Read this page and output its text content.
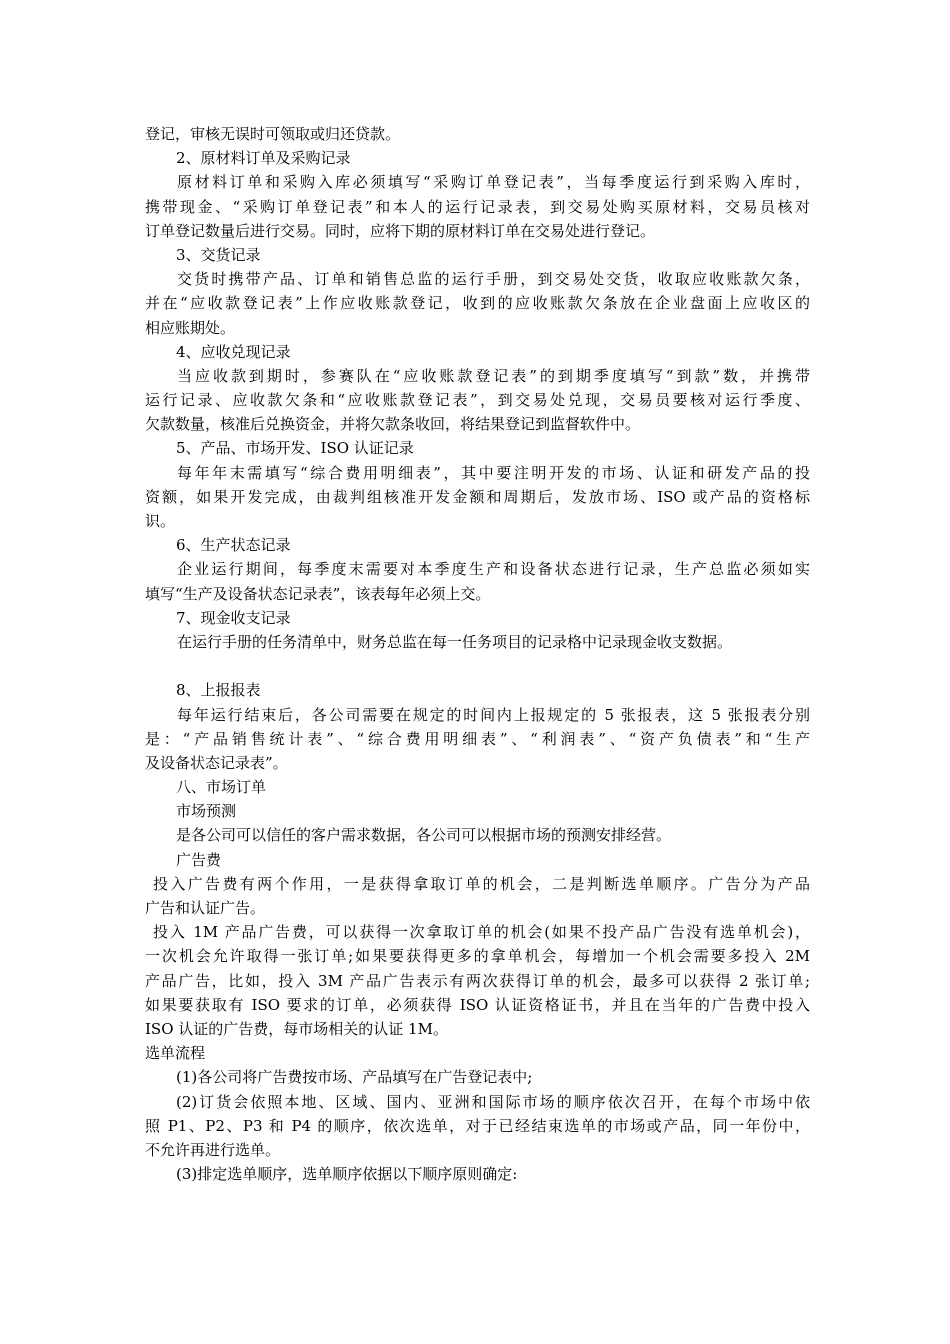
登记，审核无误时可领取或归还贷款。
2、原材料订单及采购记录
原材料订单和采购入库必须填写“采购订单登记表”，当每季度运行到采购入库时，
携带现金、“采购订单登记表”和本人的运行记录表，到交易处购买原材料，交易员核对
订单登记数量后进行交易。同时，应将下期的原材料订单在交易处进行登记。
3、交货记录
交货时携带产品、订单和销售总监的运行手册，到交易处交货，收取应收账款欠条，
并在“应收款登记表”上作应收账款登记，收到的应收账款欠条放在企业盘面上应收区的
相应账期处。
4、应收兑现记录
当应收款到期时，参赛队在“应收账款登记表”的到期季度填写“到款”数，并携带
运行记录、应收款欠条和“应收账款登记表”，到交易处兑现，交易员要核对运行季度、
欠款数量，核准后兑换资金，并将欠款条收回，将结果登记到监督软件中。
5、产品、市场开发、ISO 认证记录
每年年末需填写“综合费用明细表”，其中要注明开发的市场、认证和研发产品的投
资额，如果开发完成，由裁判组核准开发金额和周期后，发放市场、ISO 或产品的资格标
识。
6、生产状态记录
企业运行期间，每季度末需要对本季度生产和设备状态进行记录，生产总监必须如实
填写“生产及设备状态记录表”，该表每年必须上交。
7、现金收支记录
在运行手册的任务清单中，财务总监在每一任务项目的记录格中记录现金收支数据。
8、上报报表
每年运行结束后，各公司需要在规定的时间内上报规定的 5 张报表，这 5 张报表分别
是：“产品销售统计表”、“综合费用明细表”、“利润表”、“资产负债表”和“生产
及设备状态记录表”。
八、市场订单
市场预测
是各公司可以信任的客户需求数据，各公司可以根据市场的预测安排经营。
广告费
投入广告费有两个作用，一是获得拿取订单的机会，二是判断选单顺序。广告分为产品
广告和认证广告。
投入 1M 产品广告费，可以获得一次拿取订单的机会(如果不投产品广告没有选单机会)，
一次机会允许取得一张订单;如果要获得更多的拿单机会，每增加一个机会需要多投入 2M
产品广告，比如，投入 3M 产品广告表示有两次获得订单的机会，最多可以获得 2 张订单;
如果要获取有 ISO 要求的订单，必须获得 ISO 认证资格证书，并且在当年的广告费中投入
ISO 认证的广告费，每市场相关的认证 1M。
选单流程
(1)各公司将广告费按市场、产品填写在广告登记表中;
(2)订货会依照本地、区域、国内、亚洲和国际市场的顺序依次召开，在每个市场中依
照 P1、P2、P3 和 P4 的顺序，依次选单，对于已经结束选单的市场或产品，同一年份中，
不允许再进行选单。
(3)排定选单顺序，选单顺序依据以下顺序原则确定:
